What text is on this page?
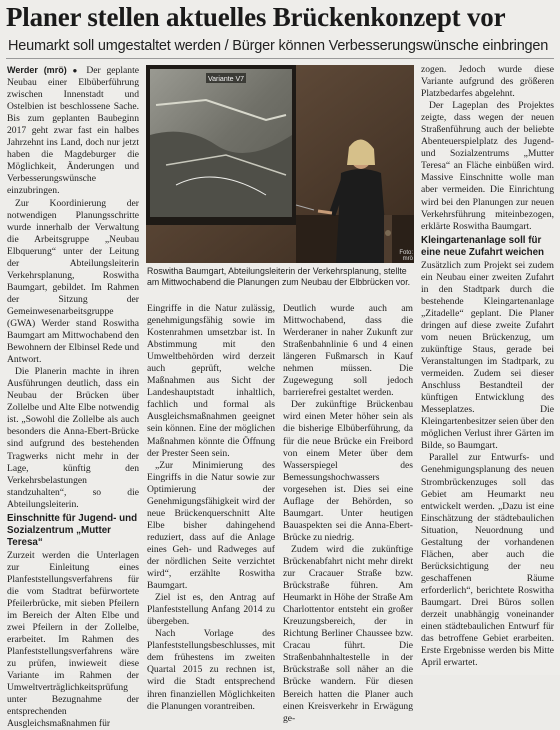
Planer stellen aktuelles Brückenkonzept vor
Heumarkt soll umgestaltet werden / Bürger können Verbesserungswünsche einbringen

Werder (mrö) ● Der geplante Neubau einer Elbüberführung zwischen Innenstadt und Ostelbien ist beschlossene Sache. Bis zum geplanten Baubeginn 2017 geht zwar fast ein halbes Jahrzehnt ins Land, doch nur jetzt haben die Magdeburger die Möglichkeit, Änderungen und Verbesserungswünsche einzubringen.

Zur Koordinierung der notwendigen Planungsschritte wurde innerhalb der Verwaltung die Arbeitsgruppe „Neubau Elbquerung“ unter der Leitung der Abteilungsleiterin Verkehrsplanung, Roswitha Baumgart, gebildet. Im Rahmen der Sitzung der Gemeinwesenarbeitsgruppe (GWA) Werder stand Roswitha Baumgart am Mittwochabend den Bewohnern der Elbinsel Rede und Antwort.

Die Planerin machte in ihren Ausführungen deutlich, dass ein Neubau der Brücken über Zollelbe und Alte Elbe notwendig ist. „Sowohl die Zollelbe als auch besonders die Anna-Ebert-Brücke sind aufgrund des bestehenden Tragwerks nicht mehr in der Lage, künftig den Verkehrsbelastungen standzuhalten“, so die Abteilungsleiterin.

Einschnitte für Jugend- und Sozialzentrum „Mutter Teresa“

Zurzeit werden die Unterlagen zur Einleitung eines Planfeststellungsverfahrens für die vom Stadtrat befürwortete Pfeilerbrücke, mit sieben Pfeilern im Bereich der Alten Elbe und zwei Pfeilern in der Zollelbe, erarbeitet. Im Rahmen des Planfeststellungsverfahrens wäre zu prüfen, inwieweit diese Variante im Rahmen der Umweltverträglichkeitsprüfung unter Bezugnahme der entsprechenden Ausgleichsmaßnahmen für

Variante V7
Foto: mrö
Roswitha Baumgart, Abteilungsleiterin der Verkehrsplanung, stellte am Mittwochabend die Planungen zum Neubau der Elbbrücken vor.

Eingriffe in die Natur zulässig, genehmigungsfähig sowie im Kostenrahmen umsetzbar ist. In Abstimmung mit den Umweltbehörden wird derzeit auch geprüft, welche Maßnahmen aus Sicht der Landeshauptstadt inhaltlich, fachlich und formal als Ausgleichsmaßnahmen geeignet sein können. Eine der möglichen Maßnahmen könnte die Öffnung der Prester Seen sein.

„Zur Minimierung des Eingriffs in die Natur sowie zur Optimierung der Genehmigungsfähigkeit wird der neue Brückenquerschnitt Alte Elbe bisher dahingehend reduziert, dass auf die Anlage eines Geh- und Radweges auf der nördlichen Seite verzichtet wird“, erzählte Roswitha Baumgart.

Ziel ist es, den Antrag auf Planfeststellung Anfang 2014 zu übergeben.

Nach Vorlage des Planfeststellungsbeschlusses, mit dem frühestens im zweiten Quartal 2015 zu rechnen ist, wird die Stadt entsprechend ihren finanziellen Möglichkeiten die Planungen vorantreiben.

Deutlich wurde auch am Mittwochabend, dass die Werderaner in naher Zukunft zur Straßenbahnlinie 6 und 4 einen längeren Fußmarsch in Kauf nehmen müssen. Die Zugewegung soll jedoch barrierefrei gestaltet werden.

Der zukünftige Brückenbau wird einen Meter höher sein als die bisherige Elbüberführung, da für die neue Brücke ein Freibord von einem Meter über dem Wasserspiegel des Bemessungshochwassers vorgesehen ist. Dies sei eine Auflage der Behörden, so Baumgart. Unter heutigen Bauaspekten sei die Anna-Ebert-Brücke zu niedrig.

Zudem wird die zukünftige Brückenabfahrt nicht mehr direkt zur Cracauer Straße bzw. Brückstraße führen. Am Heumarkt in Höhe der Straße Am Charlottentor entsteht ein großer Kreuzungsbereich, der in Richtung Berliner Chaussee bzw. Cracau führt. Die Straßenbahnhaltestelle in der Brückstraße soll näher an die Brücke wandern. Für diesen Bereich hatten die Planer auch einen Kreisverkehr in Erwägung ge-

zogen. Jedoch wurde diese Variante aufgrund des größeren Platzbedarfes abgelehnt.

Der Lageplan des Projektes zeigte, dass wegen der neuen Straßenführung auch der beliebte Abenteuerspielplatz des Jugend- und Sozialzentrums „Mutter Teresa“ an Fläche einbüßen wird. Massive Einschnitte wolle man aber vermeiden. Die Einrichtung wird bei den Planungen zur neuen Verkehrsführung miteinbezogen, erklärte Roswitha Baumgart.

Kleingartenanlage soll für eine neue Zufahrt weichen

Zusätzlich zum Projekt sei zudem ein Neubau einer zweiten Zufahrt in den Stadtpark durch die bestehende Kleingartenanlage „Zitadelle“ geplant. Die Planer dringen auf diese zweite Zufahrt vom neuen Brückenzug, um zukünftige Staus, gerade bei Veranstaltungen im Stadtpark, zu vermeiden. Zudem sei dieser Anschluss Bestandteil der künftigen Entwicklung des Messeplatzes. Die Kleingartenbesitzer seien über den möglichen Verlust ihrer Gärten im Bilde, so Baumgart.

Parallel zur Entwurfs- und Genehmigungsplanung des neuen Strombrückenzuges soll das Gebiet am Heumarkt neu entwickelt werden. „Dazu ist eine Einschätzung der städtebaulichen Situation, Neuordnung und Gestaltung der vorhandenen Flächen, aber auch die Berücksichtigung der neu geschaffenen Räume erforderlich“, berichtete Roswitha Baumgart. Drei Büros sollen derzeit unabhängig voneinander einen städtebaulichen Entwurf für das betroffene Gebiet erarbeiten. Erste Ergebnisse werden bis Mitte April erwartet.
